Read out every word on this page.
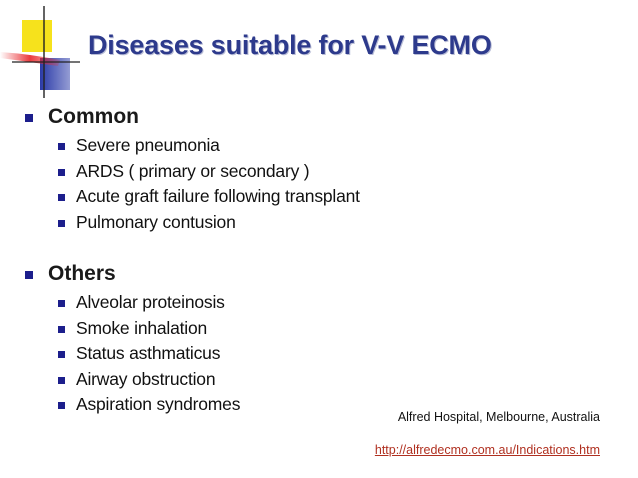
Diseases suitable for V-V ECMO
Common
Severe pneumonia
ARDS ( primary or secondary )
Acute graft failure following transplant
Pulmonary contusion
Others
Alveolar proteinosis
Smoke inhalation
Status asthmaticus
Airway obstruction
Aspiration syndromes
Alfred Hospital, Melbourne, Australia
http://alfredecmo.com.au/Indications.htm
